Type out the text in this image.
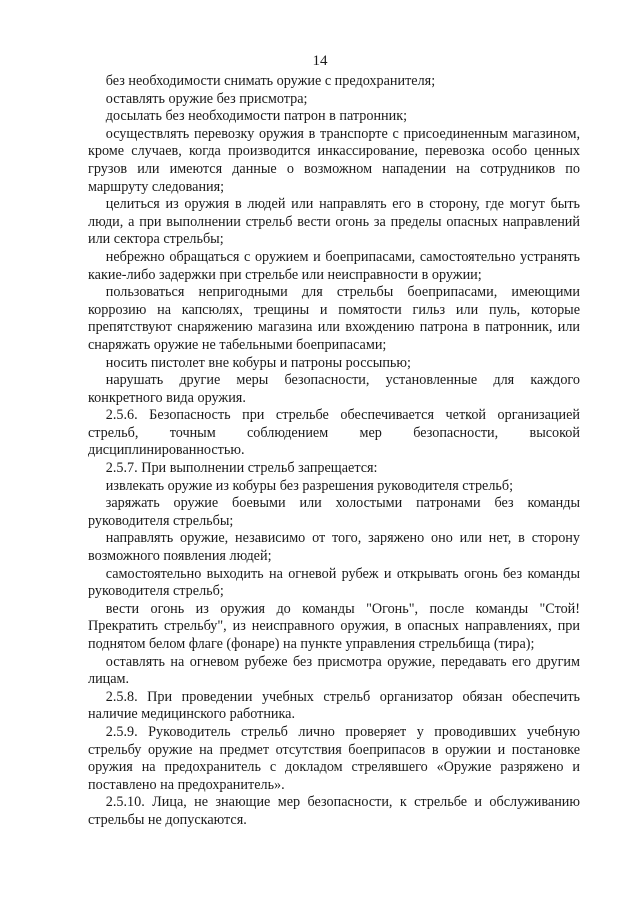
14

без необходимости снимать оружие с предохранителя;

оставлять оружие без присмотра;

досылать без необходимости патрон в патронник;

осуществлять перевозку оружия в транспорте с присоединенным магазином, кроме случаев, когда производится инкассирование, перевозка особо ценных грузов или имеются данные о возможном нападении на сотрудников по маршруту следования;

целиться из оружия в людей или направлять его в сторону, где могут быть люди, а при выполнении стрельб вести огонь за пределы опасных направлений или сектора стрельбы;

небрежно обращаться с оружием и боеприпасами, самостоятельно устранять какие-либо задержки при стрельбе или неисправности в оружии;

пользоваться непригодными для стрельбы боеприпасами, имеющими коррозию на капсюлях, трещины и помятости гильз или пуль, которые препятствуют снаряжению магазина или вхождению патрона в патронник, или снаряжать оружие не табельными боеприпасами;

носить пистолет вне кобуры и патроны россыпью;

нарушать другие меры безопасности, установленные для каждого конкретного вида оружия.

2.5.6. Безопасность при стрельбе обеспечивается четкой организацией стрельб, точным соблюдением мер безопасности, высокой дисциплинированностью.

2.5.7. При выполнении стрельб запрещается:

извлекать оружие из кобуры без разрешения руководителя стрельб;

заряжать оружие боевыми или холостыми патронами без команды руководителя стрельбы;

направлять оружие, независимо от того, заряжено оно или нет, в сторону возможного появления людей;

самостоятельно выходить на огневой рубеж и открывать огонь без команды руководителя стрельб;

вести огонь из оружия до команды "Огонь", после команды "Стой! Прекратить стрельбу", из неисправного оружия, в опасных направлениях, при поднятом белом флаге (фонаре) на пункте управления стрельбища (тира);

оставлять на огневом рубеже без присмотра оружие, передавать его другим лицам.

2.5.8. При проведении учебных стрельб организатор обязан обеспечить наличие медицинского работника.

2.5.9. Руководитель стрельб лично проверяет у проводивших учебную стрельбу оружие на предмет отсутствия боеприпасов в оружии и постановке оружия на предохранитель с докладом стрелявшего «Оружие разряжено и поставлено на предохранитель».

2.5.10. Лица, не знающие мер безопасности, к стрельбе и обслуживанию стрельбы не допускаются.
